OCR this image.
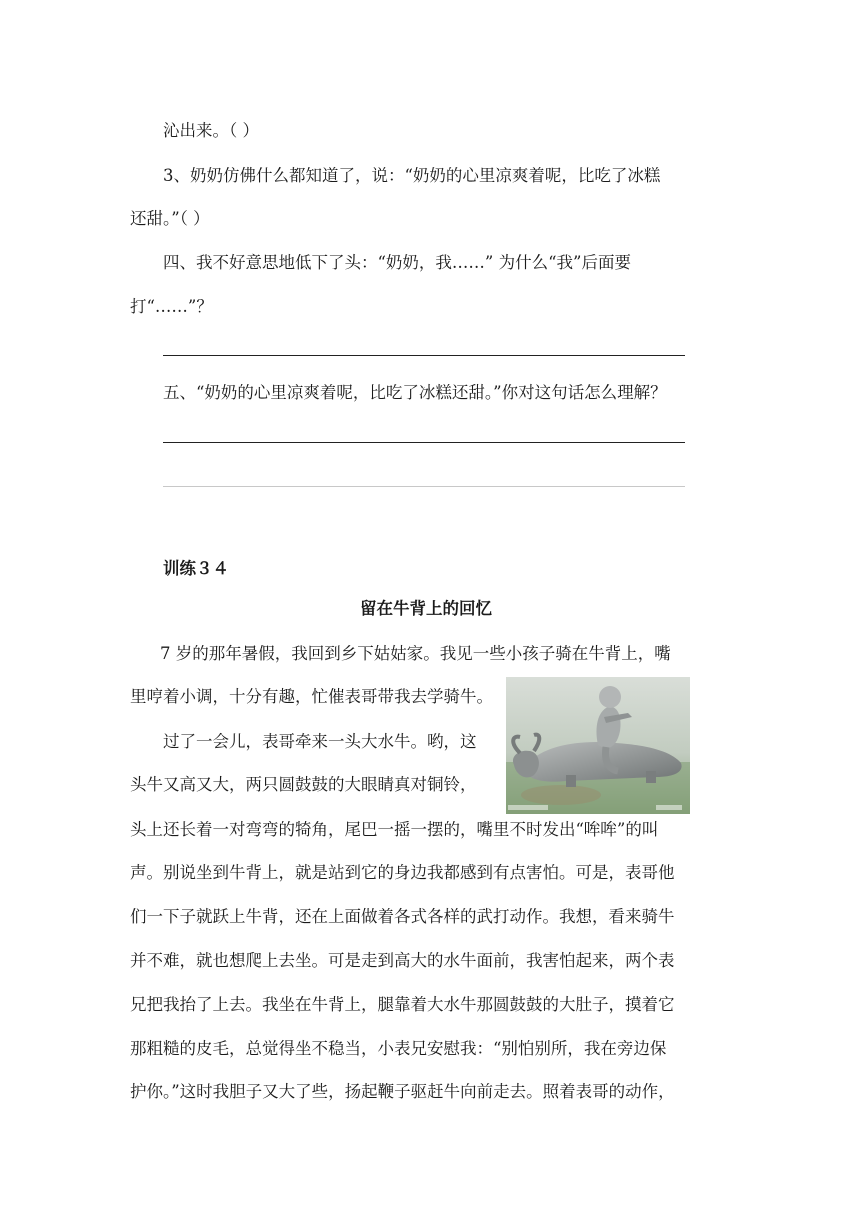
沁出来。（ ）
3、奶奶仿佛什么都知道了，说：“奶奶的心里凉爽着呢，比吃了冰糕
还甜。”（ ）
四、我不好意思地低下了头：“奶奶，我……” 为什么“我”后面要
打“……”？
五、“奶奶的心里凉爽着呢，比吃了冰糕还甜。”你对这句话怎么理解？
训练３４
留在牛背上的回忆
7 岁的那年暑假，我回到乡下姑姑家。我见一些小孩子骑在牛背上，嘴
里哼着小调，十分有趣，忙催表哥带我去学骑牛。
过了一会儿，表哥牵来一头大水牛。哟，这
头牛又高又大，两只圆鼓鼓的大眼睛真对铜铃，
头上还长着一对弯弯的犄角，尾巴一摇一摆的，嘴里不时发出“哞哞”的叫
声。别说坐到牛背上，就是站到它的身边我都感到有点害怕。可是，表哥他
们一下子就跃上牛背，还在上面做着各式各样的武打动作。我想，看来骑牛
并不难，就也想爬上去坐。可是走到高大的水牛面前，我害怕起来，两个表
兄把我抬了上去。我坐在牛背上，腿靠着大水牛那圆鼓鼓的大肚子，摸着它
那粗糙的皮毛，总觉得坐不稳当，小表兄安慰我：“别怕别所，我在旁边保
护你。”这时我胆子又大了些，扬起鞭子驱赶牛向前走去。照着表哥的动作，
